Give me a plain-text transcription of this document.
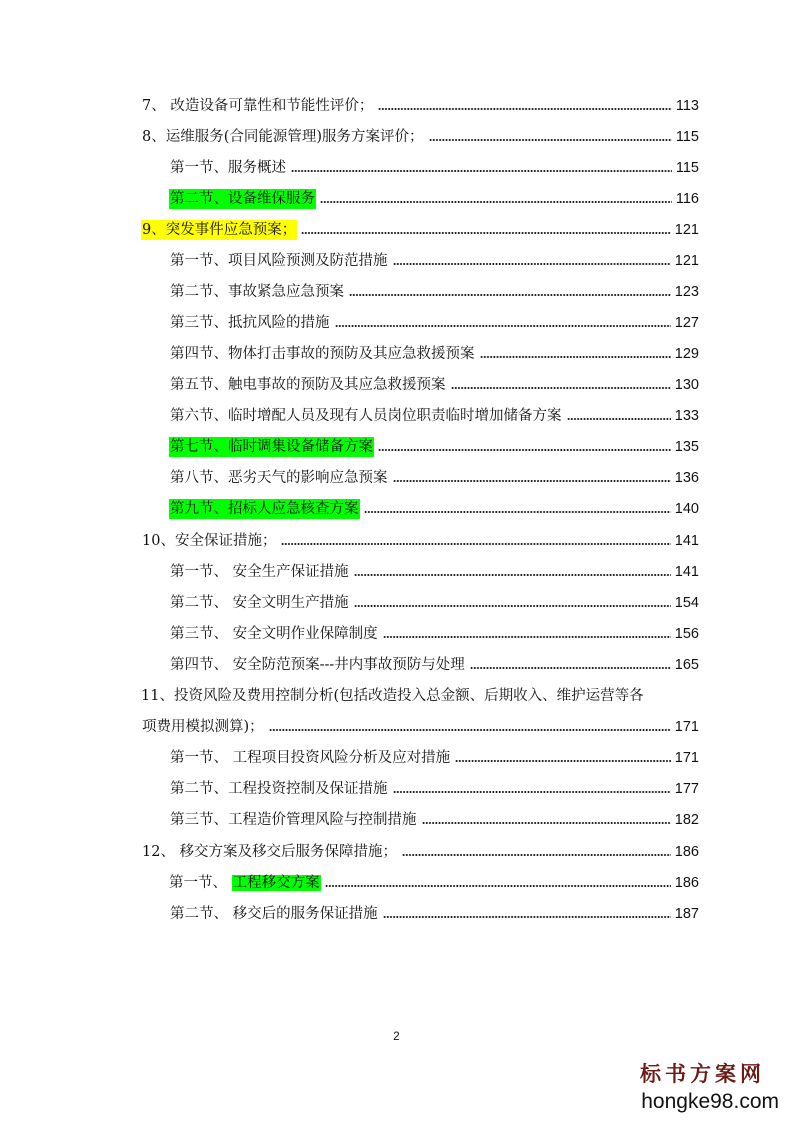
7、 改造设备可靠性和节能性评价；	113
8、运维服务(合同能源管理)服务方案评价；	115
第一节、服务概述	115
第二节、设备维保服务	116
9、突发事件应急预案；	121
第一节、项目风险预测及防范措施	121
第二节、事故紧急应急预案	123
第三节、抵抗风险的措施	127
第四节、物体打击事故的预防及其应急救援预案	129
第五节、触电事故的预防及其应急救援预案	130
第六节、临时增配人员及现有人员岗位职责临时增加储备方案	133
第七节、临时调集设备储备方案	135
第八节、恶劣天气的影响应急预案	136
第九节、招标人应急核查方案	140
10、安全保证措施；	141
第一节、 安全生产保证措施	141
第二节、 安全文明生产措施	154
第三节、 安全文明作业保障制度	156
第四节、 安全防范预案---井内事故预防与处理	165
11、投资风险及费用控制分析(包括改造投入总金额、后期收入、维护运营等各
项费用模拟测算)；	171
第一节、 工程项目投资风险分析及应对措施	171
第二节、工程投资控制及保证措施	177
第三节、工程造价管理风险与控制措施	182
12、 移交方案及移交后服务保障措施；	186
第一节、 工程移交方案	186
第二节、 移交后的服务保证措施	187
2
标书方案网
hongke98.com
